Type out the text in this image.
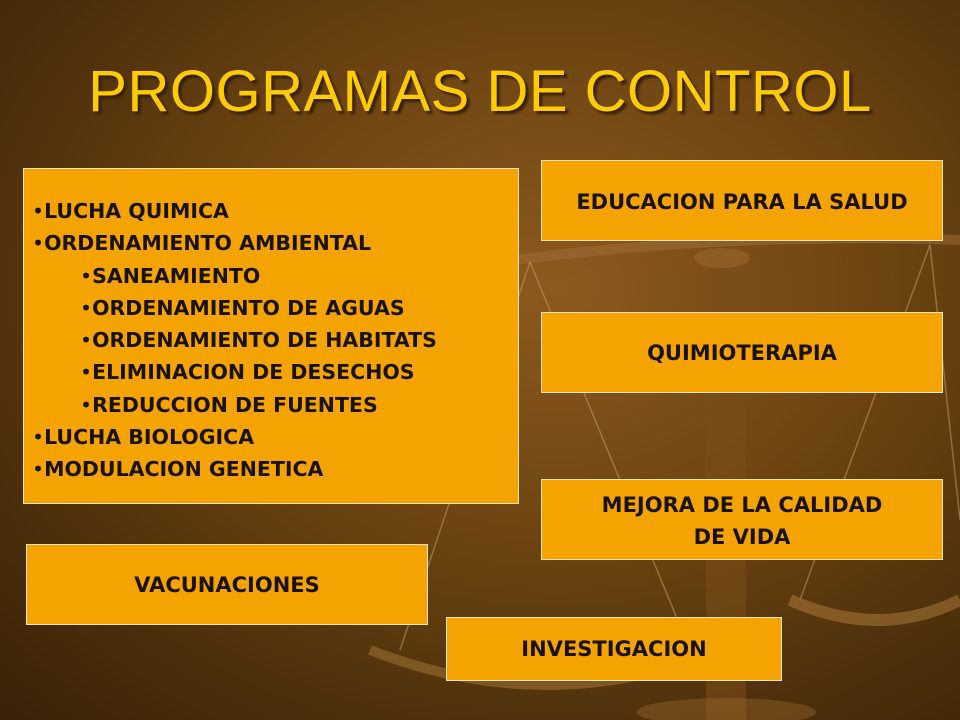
PROGRAMAS DE CONTROL
• LUCHA QUIMICA
• ORDENAMIENTO AMBIENTAL
• SANEAMIENTO
• ORDENAMIENTO DE AGUAS
• ORDENAMIENTO DE HABITATS
• ELIMINACION DE DESECHOS
• REDUCCION DE FUENTES
• LUCHA BIOLOGICA
• MODULACION GENETICA
EDUCACION PARA LA SALUD
QUIMIOTERAPIA
MEJORA DE LA CALIDAD
DE VIDA
VACUNACIONES
INVESTIGACION
